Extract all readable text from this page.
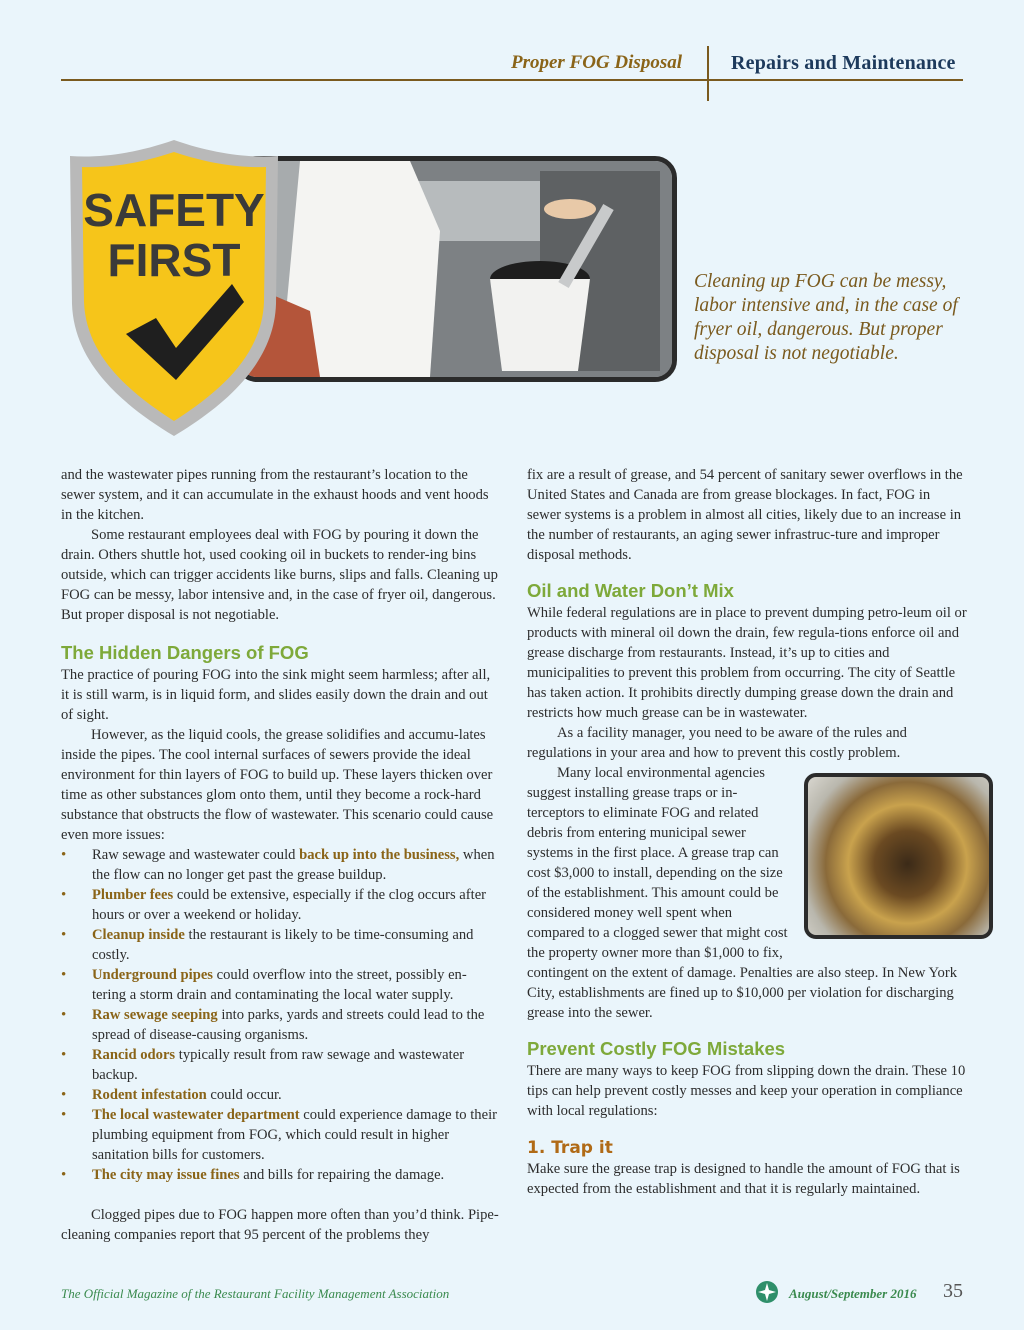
Proper FOG Disposal Repairs and Maintenance
SAFETY
FIRST	Cleaning up FOG can be messy, labor intensive and, in the case of fryer oil, dangerous. But proper disposal is not negotiable.

and the wastewater pipes running from the restaurant’s location to the sewer system, and it can accumulate in the exhaust hoods and vent hoods in the kitchen.

Some restaurant employees deal with FOG by pouring it down the drain. Others shuttle hot, used cooking oil in buckets to render-ing bins outside, which can trigger accidents like burns, slips and falls. Cleaning up FOG can be messy, labor intensive and, in the case of fryer oil, dangerous. But proper disposal is not negotiable.

The Hidden Dangers of FOG

The practice of pouring FOG into the sink might seem harmless; after all, it is still warm, is in liquid form, and slides easily down the drain and out of sight.

However, as the liquid cools, the grease solidifies and accumu-lates inside the pipes. The cool internal surfaces of sewers provide the ideal environment for thin layers of FOG to build up. These layers thicken over time as other substances glom onto them, until they become a rock-hard substance that obstructs the flow of wastewater. This scenario could cause even more issues:

• Raw sewage and wastewater could back up into the business, when the flow can no longer get past the grease buildup.
• Plumber fees could be extensive, especially if the clog occurs after hours or over a weekend or holiday.
• Cleanup inside the restaurant is likely to be time-consuming and costly.
• Underground pipes could overflow into the street, possibly en-tering a storm drain and contaminating the local water supply.
• Raw sewage seeping into parks, yards and streets could lead to the spread of disease-causing organisms.
• Rancid odors typically result from raw sewage and wastewater backup.
• Rodent infestation could occur.
• The local wastewater department could experience damage to their plumbing equipment from FOG, which could result in higher sanitation bills for customers.
• The city may issue fines and bills for repairing the damage.

Clogged pipes due to FOG happen more often than you’d think. Pipe-cleaning companies report that 95 percent of the problems they

fix are a result of grease, and 54 percent of sanitary sewer overflows in the United States and Canada are from grease blockages. In fact, FOG in sewer systems is a problem in almost all cities, likely due to an increase in the number of restaurants, an aging sewer infrastruc-ture and improper disposal methods.

Oil and Water Don’t Mix

While federal regulations are in place to prevent dumping petro-leum oil or products with mineral oil down the drain, few regula-tions enforce oil and grease discharge from restaurants. Instead, it’s up to cities and municipalities to prevent this problem from occurring. The city of Seattle has taken action. It prohibits directly dumping grease down the drain and restricts how much grease can be in wastewater.

As a facility manager, you need to be aware of the rules and regulations in your area and how to prevent this costly problem.

Many local environmental agencies suggest installing grease traps or in-terceptors to eliminate FOG and related debris from entering municipal sewer systems in the first place. A grease trap can cost $3,000 to install, depending on the size of the establishment. This amount could be considered money well spent when compared to a clogged sewer that might cost the property owner more than $1,000 to fix, contingent on the extent of damage. Penalties are also steep. In New York City, establishments are fined up to $10,000 per violation for discharging grease into the sewer.

Prevent Costly FOG Mistakes

There are many ways to keep FOG from slipping down the drain. These 10 tips can help prevent costly messes and keep your operation in compliance with local regulations:

1. Trap it

Make sure the grease trap is designed to handle the amount of FOG that is expected from the establishment and that it is regularly maintained.

The Official Magazine of the Restaurant Facility Management Association	August/September 2016 35
